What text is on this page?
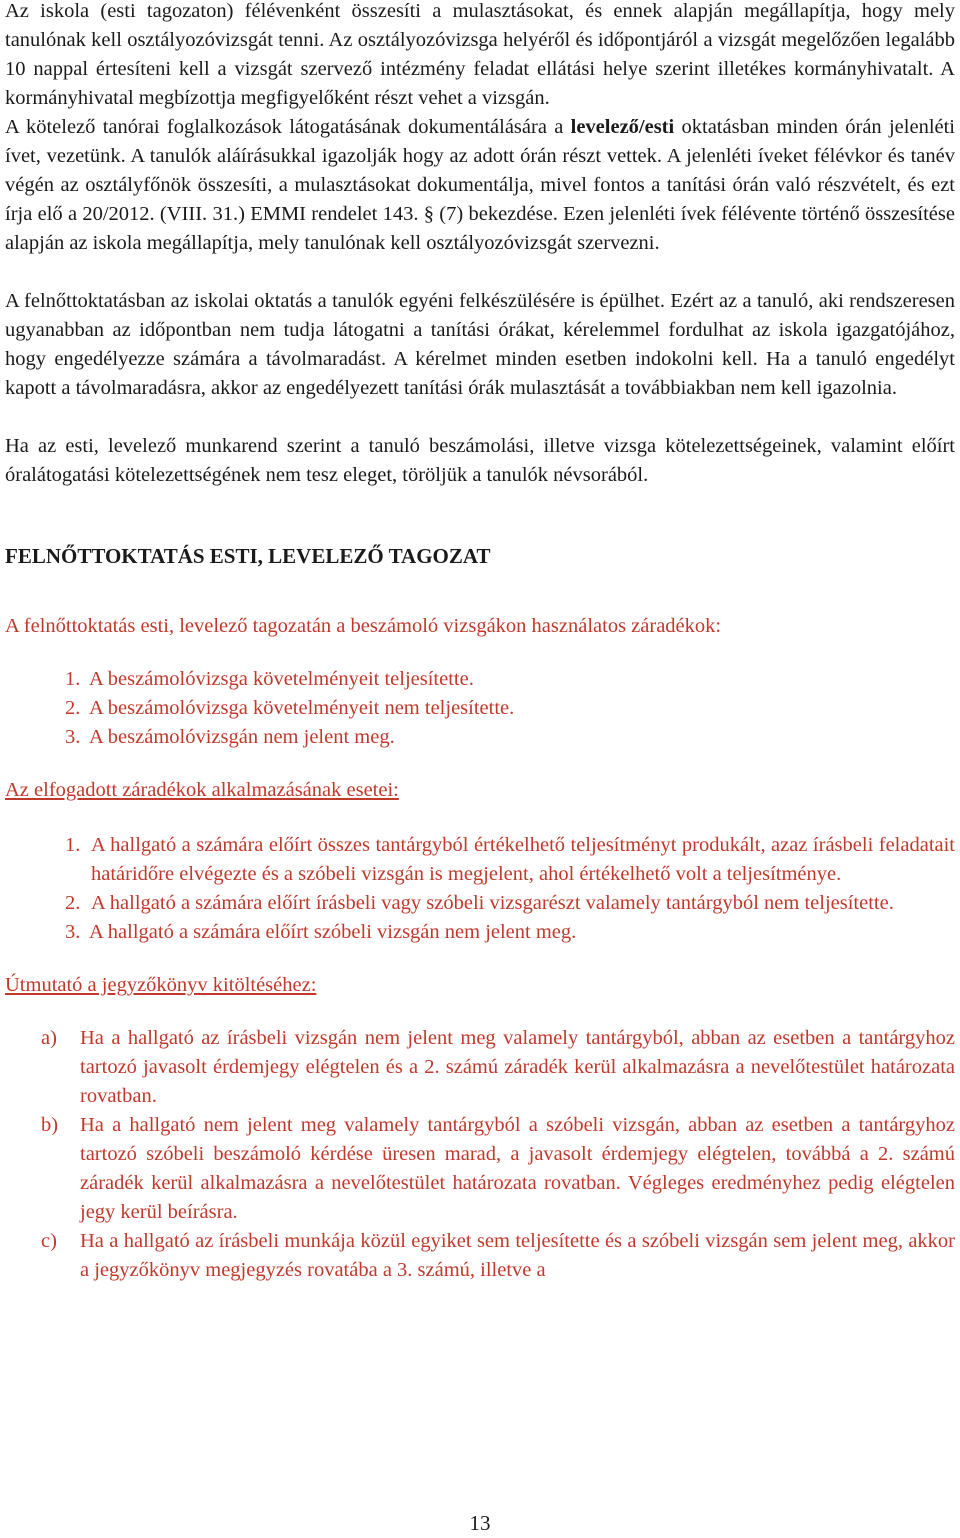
Az iskola (esti tagozaton) félévenként összesíti a mulasztásokat, és ennek alapján megállapítja, hogy mely tanulónak kell osztályozóvizsgát tenni. Az osztályozóvizsga helyéről és időpontjáról a vizsgát megelőzően legalább 10 nappal értesíteni kell a vizsgát szervező intézmény feladat ellátási helye szerint illetékes kormányhivatalt. A kormányhivatal megbízottja megfigyelőként részt vehet a vizsgán.

A kötelező tanórai foglalkozások látogatásának dokumentálására a levelező/esti oktatásban minden órán jelenléti ívet, vezetünk. A tanulók aláírásukkal igazolják hogy az adott órán részt vettek. A jelenléti íveket félévkor és tanév végén az osztályfőnök összesíti, a mulasztásokat dokumentálja, mivel fontos a tanítási órán való részvételt, és ezt írja elő a 20/2012. (VIII. 31.) EMMI rendelet 143. § (7) bekezdése. Ezen jelenléti ívek félévente történő összesítése alapján az iskola megállapítja, mely tanulónak kell osztályozóvizsgát szervezni.

A felnőttoktatásban az iskolai oktatás a tanulók egyéni felkészülésére is épülhet. Ezért az a tanuló, aki rendszeresen ugyanabban az időpontban nem tudja látogatni a tanítási órákat, kérelemmel fordulhat az iskola igazgatójához, hogy engedélyezze számára a távolmaradást. A kérelmet minden esetben indokolni kell. Ha a tanuló engedélyt kapott a távolmaradásra, akkor az engedélyezett tanítási órák mulasztását a továbbiakban nem kell igazolnia.

Ha az esti, levelező munkarend szerint a tanuló beszámolási, illetve vizsga kötelezettségeinek, valamint előírt óralátogatási kötelezettségének nem tesz eleget, töröljük a tanulók névsorából.

FELNŐTTOKTATÁS ESTI, LEVELEZŐ TAGOZAT

A felnőttoktatás esti, levelező tagozatán a beszámoló vizsgákon használatos záradékok:

1. A beszámolóvizsga követelményeit teljesítette.
2. A beszámolóvizsga követelményeit nem teljesítette.
3. A beszámolóvizsgán nem jelent meg.

Az elfogadott záradékok alkalmazásának esetei:

1. A hallgató a számára előírt összes tantárgyból értékelhető teljesítményt produkált, azaz írásbeli feladatait határidőre elvégezte és a szóbeli vizsgán is megjelent, ahol értékelhető volt a teljesítménye.
2. A hallgató a számára előírt írásbeli vagy szóbeli vizsgarészt valamely tantárgyból nem teljesítette.
3. A hallgató a számára előírt szóbeli vizsgán nem jelent meg.

Útmutató a jegyzőkönyv kitöltéséhez:

a) Ha a hallgató az írásbeli vizsgán nem jelent meg valamely tantárgyból, abban az esetben a tantárgyhoz tartozó javasolt érdemjegy elégtelen és a 2. számú záradék kerül alkalmazásra a nevelőtestület határozata rovatban.
b) Ha a hallgató nem jelent meg valamely tantárgyból a szóbeli vizsgán, abban az esetben a tantárgyhoz tartozó szóbeli beszámoló kérdése üresen marad, a javasolt érdemjegy elégtelen, továbbá a 2. számú záradék kerül alkalmazásra a nevelőtestület határozata rovatban. Végleges eredményhez pedig elégtelen jegy kerül beírásra.
c) Ha a hallgató az írásbeli munkája közül egyiket sem teljesítette és a szóbeli vizsgán sem jelent meg, akkor a jegyzőkönyv megjegyzés rovatába a 3. számú, illetve a
13
